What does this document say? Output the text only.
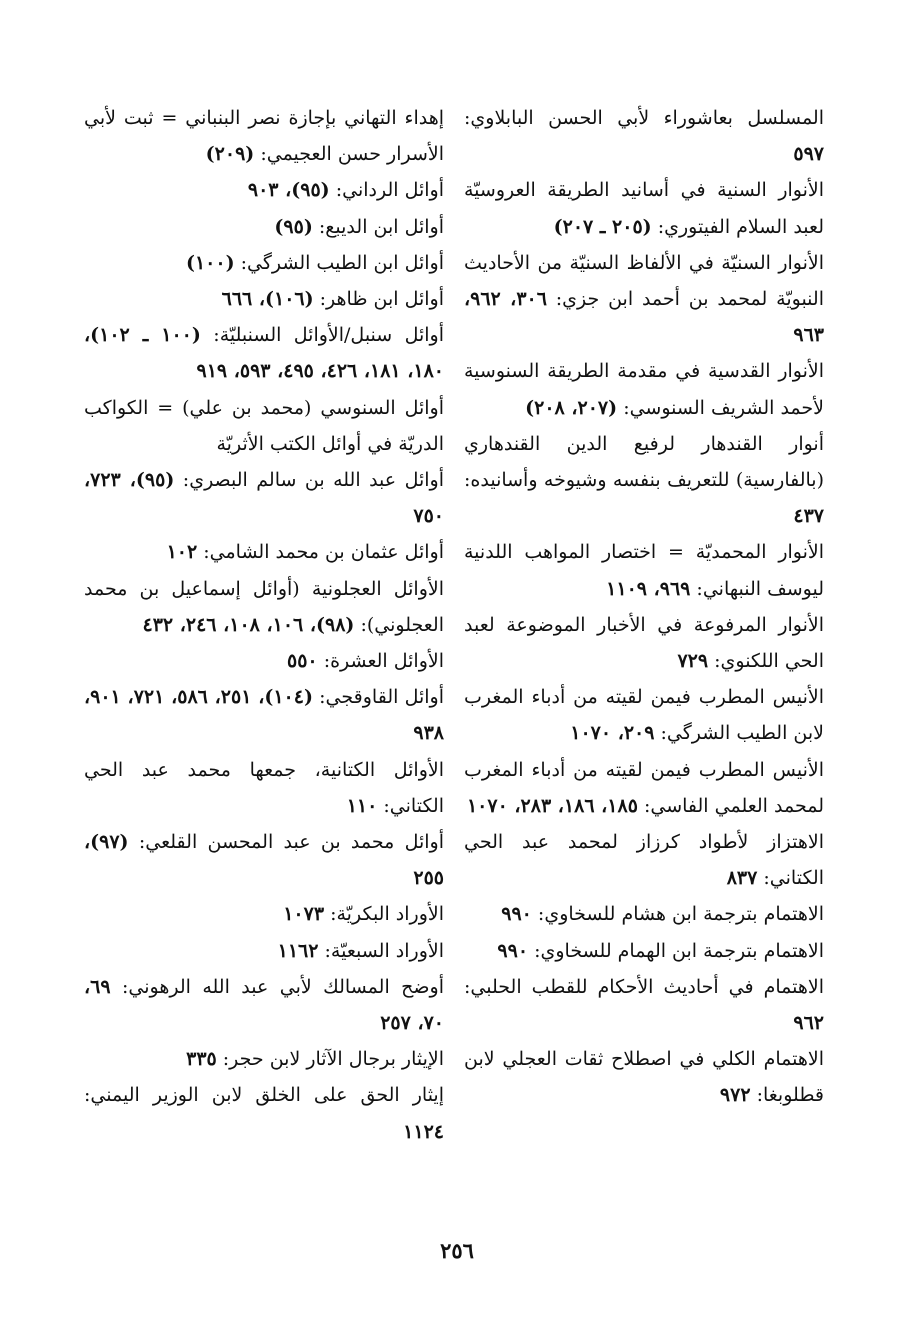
المسلسل بعاشوراء لأبي الحسن البابلاوي: ٥٩٧

الأنوار السنية في أسانيد الطريقة العروسيّة لعبد السلام الفيتوري: (٢٠٥ ـ ٢٠٧)

الأنوار السنيّة في الألفاظ السنيّة من الأحاديث النبويّة لمحمد بن أحمد ابن جزي: ٣٠٦، ٩٦٢، ٩٦٣

الأنوار القدسية في مقدمة الطريقة السنوسية لأحمد الشريف السنوسي: (٢٠٧، ٢٠٨)

أنوار القندهار لرفيع الدين القندهاري (بالفارسية) للتعريف بنفسه وشيوخه وأسانيده: ٤٣٧

الأنوار المحمديّة = اختصار المواهب اللدنية ليوسف النبهاني: ٩٦٩، ١١٠٩

الأنوار المرفوعة في الأخبار الموضوعة لعبد الحي اللكنوي: ٧٢٩

الأنيس المطرب فيمن لقيته من أدباء المغرب لابن الطيب الشرگي: ٢٠٩، ١٠٧٠

الأنيس المطرب فيمن لقيته من أدباء المغرب لمحمد العلمي الفاسي: ١٨٥، ١٨٦، ٢٨٣، ١٠٧٠

الاهتزاز لأطواد كرزاز لمحمد عبد الحي الكتاني: ٨٣٧

الاهتمام بترجمة ابن هشام للسخاوي: ٩٩٠

الاهتمام بترجمة ابن الهمام للسخاوي: ٩٩٠

الاهتمام في أحاديث الأحكام للقطب الحلبي: ٩٦٢

الاهتمام الكلي في اصطلاح ثقات العجلي لابن قطلوبغا: ٩٧٢

إهداء التهاني بإجازة نصر البنباني = ثبت لأبي الأسرار حسن العجيمي: (٢٠٩)

أوائل الرداني: (٩٥)، ٩٠٣

أوائل ابن الديبع: (٩٥)

أوائل ابن الطيب الشرگي: (١٠٠)

أوائل ابن ظاهر: (١٠٦)، ٦٦٦

أوائل سنبل/الأوائل السنبليّة: (١٠٠ ـ ١٠٢)، ١٨٠، ١٨١، ٤٢٦، ٤٩٥، ٥٩٣، ٩١٩

أوائل السنوسي (محمد بن علي) = الكواكب الدريّة في أوائل الكتب الأثريّة

أوائل عبد الله بن سالم البصري: (٩٥)، ٧٢٣، ٧٥٠

أوائل عثمان بن محمد الشامي: ١٠٢

الأوائل العجلونية (أوائل إسماعيل بن محمد العجلوني): (٩٨)، ١٠٦، ١٠٨، ٢٤٦، ٤٣٢

الأوائل العشرة: ٥٥٠

أوائل القاوقجي: (١٠٤)، ٢٥١، ٥٨٦، ٧٢١، ٩٠١، ٩٣٨

الأوائل الكتانية، جمعها محمد عبد الحي الكتاني: ١١٠

أوائل محمد بن عبد المحسن القلعي: (٩٧)، ٢٥٥

الأوراد البكريّة: ١٠٧٣

الأوراد السبعيّة: ١١٦٢

أوضح المسالك لأبي عبد الله الرهوني: ٦٩، ٧٠، ٢٥٧

الإيثار برجال الآثار لابن حجر: ٣٣٥

إيثار الحق على الخلق لابن الوزير اليمني: ١١٢٤

٢٥٦
